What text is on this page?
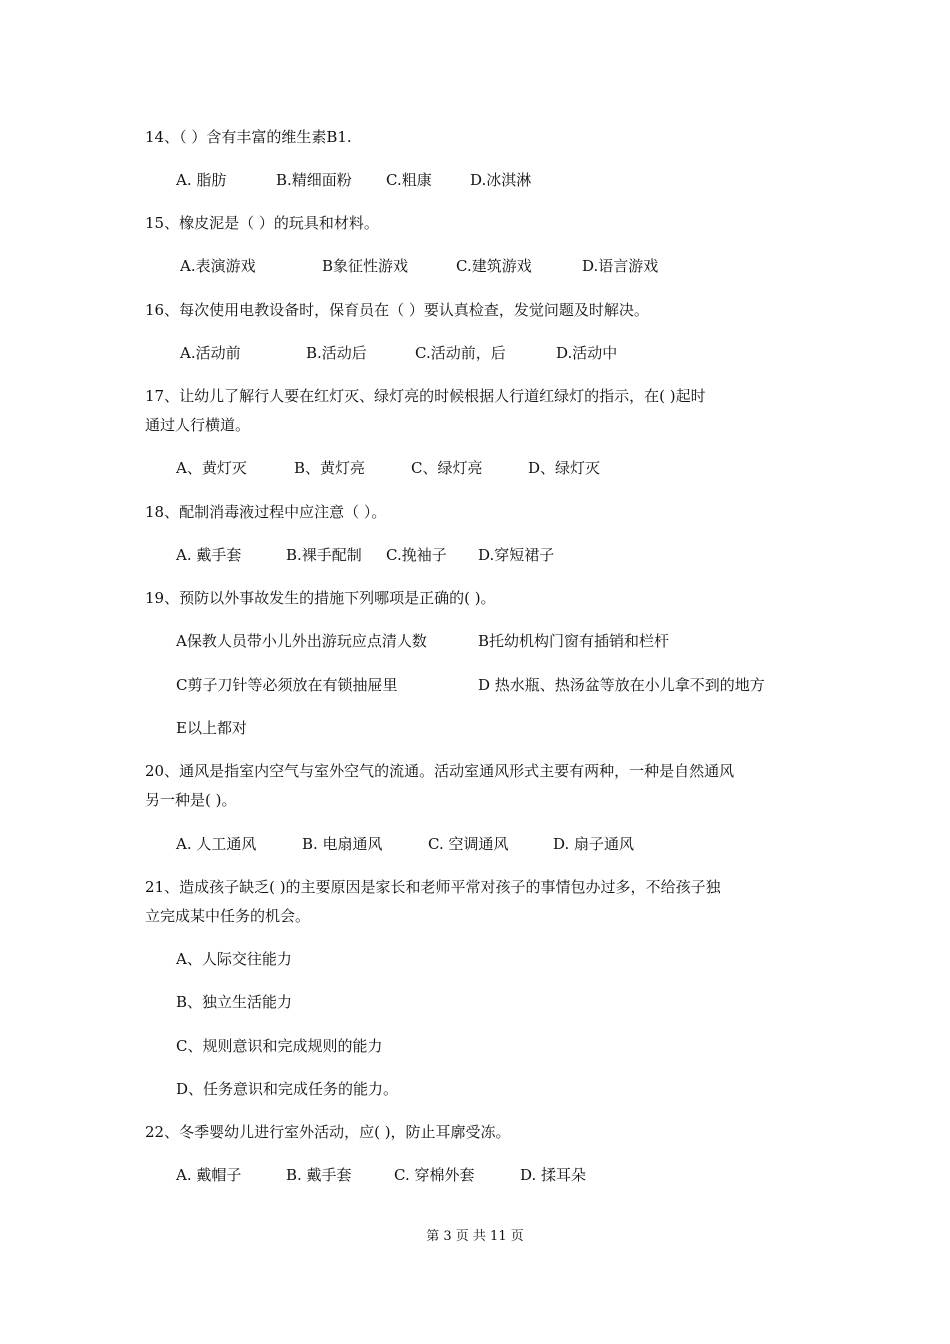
14、（ ）含有丰富的维生素B1.
A. 脂肪	B.精细面粉 C.粗康	D.冰淇淋
15、橡皮泥是（ ）的玩具和材料。
A.表演游戏	B象征性游戏	C.建筑游戏	D.语言游戏
16、每次使用电教设备时，保育员在（ ）要认真检查，发觉问题及时解决。
A.活动前	B.活动后	C.活动前，后	D.活动中
17、让幼儿了解行人要在红灯灭、绿灯亮的时候根据人行道红绿灯的指示，在( )起时
通过人行横道。
A、黄灯灭	B、黄灯亮	C、绿灯亮	D、绿灯灭
18、配制消毒液过程中应注意（ ）。
A. 戴手套	B.裸手配制 C.挽袖子 D.穿短裙子
19、预防以外事故发生的措施下列哪项是正确的( )。
A保教人员带小儿外出游玩应点清人数	B托幼机构门窗有插销和栏杆
C剪子刀针等必须放在有锁抽屉里	D 热水瓶、热汤盆等放在小儿拿不到的地方
E以上都对
20、通风是指室内空气与室外空气的流通。活动室通风形式主要有两种，一种是自然通风
另一种是( )。
A. 人工通风	B. 电扇通风	C. 空调通风	D. 扇子通风
21、造成孩子缺乏( )的主要原因是家长和老师平常对孩子的事情包办过多，不给孩子独
立完成某中任务的机会。
A、人际交往能力
B、独立生活能力
C、规则意识和完成规则的能力
D、任务意识和完成任务的能力。
22、冬季婴幼儿进行室外活动，应( )，防止耳廓受冻。
A. 戴帽子	B. 戴手套	C. 穿棉外套	D. 揉耳朵
第 3 页 共 11 页
